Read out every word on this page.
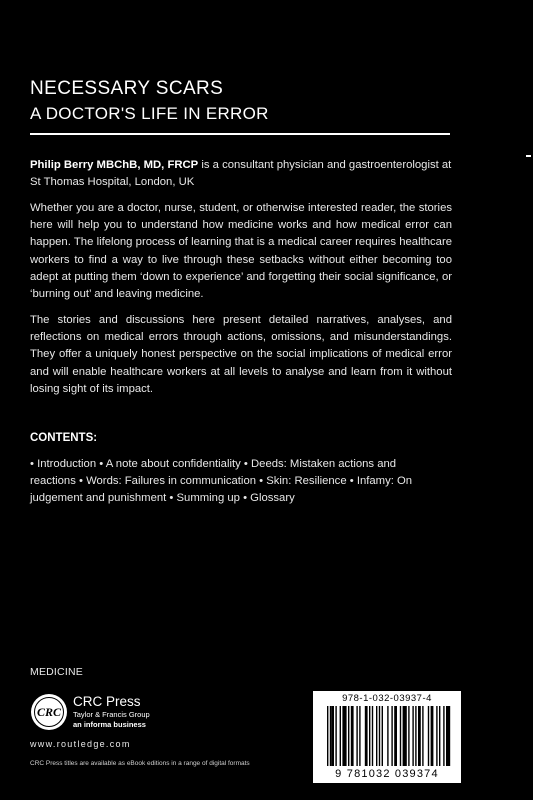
NECESSARY SCARS
A DOCTOR'S LIFE IN ERROR

Philip Berry MBChB, MD, FRCP is a consultant physician and gastroenterologist at St Thomas Hospital, London, UK

Whether you are a doctor, nurse, student, or otherwise interested reader, the stories here will help you to understand how medicine works and how medical error can happen. The lifelong process of learning that is a medical career requires healthcare workers to find a way to live through these setbacks without either becoming too adept at putting them ‘down to experience’ and forgetting their social significance, or ‘burning out’ and leaving medicine.

The stories and discussions here present detailed narratives, analyses, and reflections on medical errors through actions, omissions, and misunderstandings. They offer a uniquely honest perspective on the social implications of medical error and will enable healthcare workers at all levels to analyse and learn from it without losing sight of its impact.

CONTENTS:

• Introduction • A note about confidentiality • Deeds: Mistaken actions and reactions • Words: Failures in communication • Skin: Resilience • Infamy: On judgement and punishment • Summing up • Glossary

MEDICINE
CRC
CRC Press
Taylor & Francis Group
an informa business
www.routledge.com
CRC Press titles are available as eBook editions in a range of digital formats
978-1-032-03937-4
9 781032 039374
